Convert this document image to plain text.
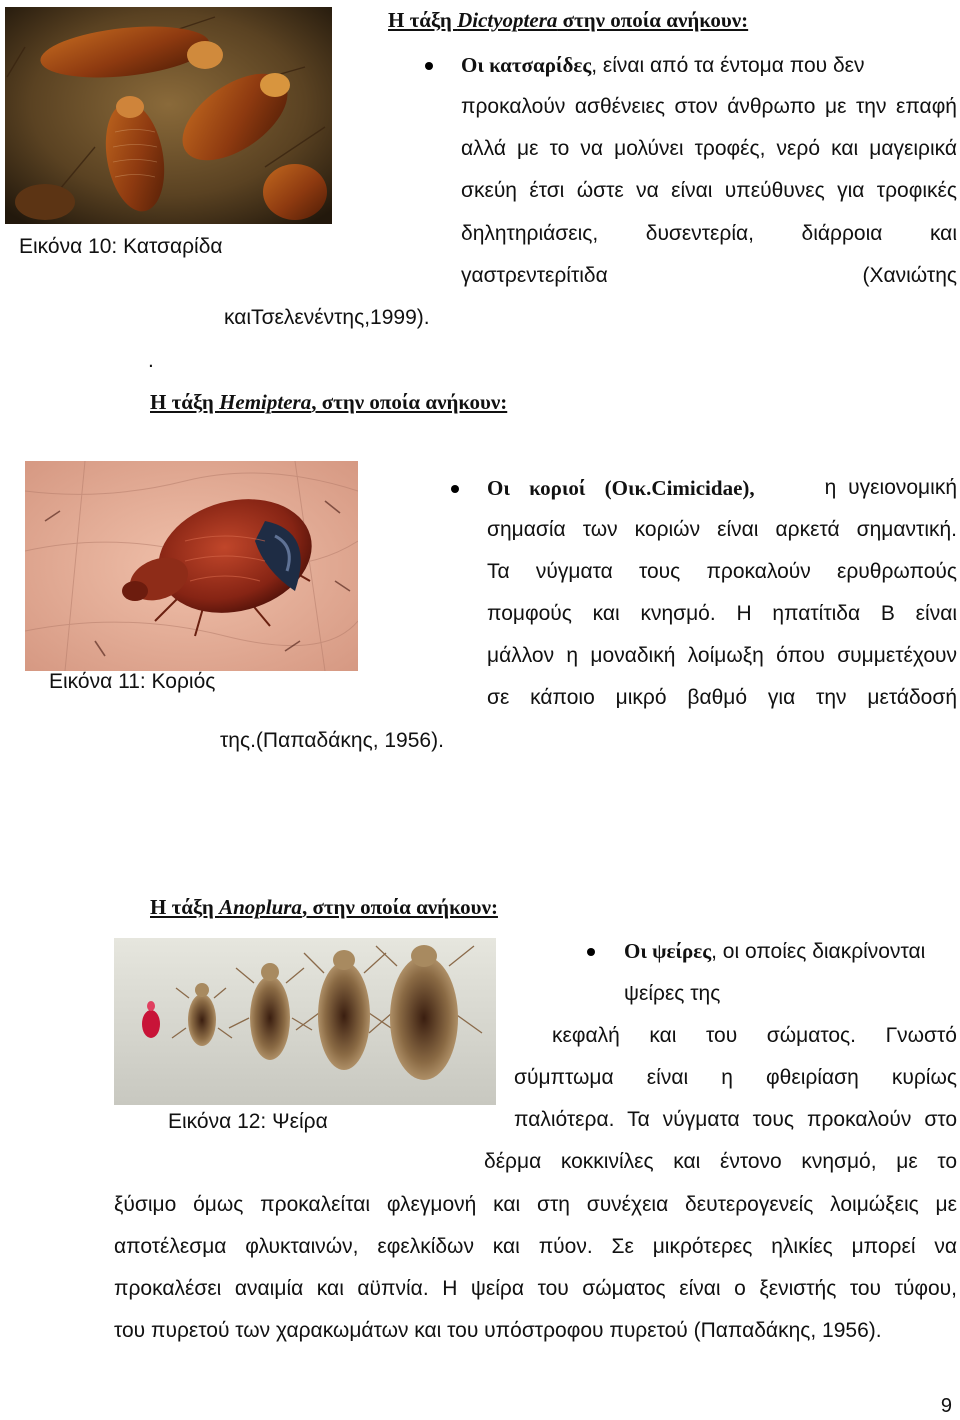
Εικόνα 10: Κατσαρίδα
Η τάξη Dictyoptera στην οποία ανήκουν:
Οι κατσαρίδες, είναι από τα έντομα που δεν
προκαλούν ασθένειες στον άνθρωπο με την επαφή
αλλά με το να μολύνει τροφές, νερό και μαγειρικά
σκεύη έτσι ώστε να είναι υπεύθυνες για τροφικές
δηλητηριάσεις, δυσεντερία, διάρροια και
γαστρεντερίτιδα (Χανιώτης
καιΤσελενέντης,1999).
.
Η τάξη Hemiptera, στην οποία ανήκουν:
Εικόνα 11: Κοριός
Οι κοριοί (Οικ.Cimicidae),	η υγειονομική
σημασία των κοριών είναι αρκετά σημαντική.
Τα νύγματα τους προκαλούν ερυθρωπούς
πομφούς και κνησμό. Η ηπατίτιδα Β είναι
μάλλον η μοναδική λοίμωξη όπου συμμετέχουν
σε κάποιο μικρό βαθμό για την μετάδοσή
της.(Παπαδάκης, 1956).
Η τάξη Anoplura, στην οποία ανήκουν:
Εικόνα 12: Ψείρα
Οι ψείρες, οι οποίες διακρίνονται
ψείρες της
κεφαλή και του σώματος. Γνωστό
σύμπτωμα είναι η φθειρίαση κυρίως
παλιότερα. Τα νύγματα τους προκαλούν στο
δέρμα κοκκινίλες και έντονο κνησμό, με το
ξύσιμο όμως προκαλείται φλεγμονή και στη συνέχεια δευτερογενείς λοιμώξεις με
αποτέλεσμα φλυκταινών, εφελκίδων και πύον. Σε μικρότερες ηλικίες μπορεί να
προκαλέσει αναιμία και αϋπνία. Η ψείρα του σώματος είναι ο ξενιστής του τύφου,
του πυρετού των χαρακωμάτων και του υπόστροφου πυρετού (Παπαδάκης, 1956).
9
